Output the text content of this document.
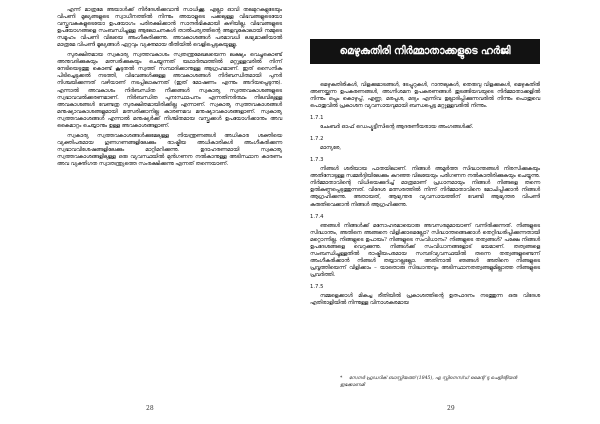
എന്ന് മാത്രമേ അയാൾക്ക് നിർദേശിക്കുവാൻ സാധിക്കൂ. എല്ലാ ഓവി തലമുറകളുടേയും വിപണി മൂല്യങ്ങളുടെ സ്വാധീനത്തിൽ നിന്നും അയാളുടെ പക്കലുള്ള വിഭവങ്ങളുടെയോ വസ്തുവകകളുടെയോ ഉപയോഗം പരിരക്ഷിക്കാൻ സാന്ദർഭികമായി കഴിയില്ല. വിഭവങ്ങളുടെ ഉപയോഗങ്ങളെ സംബന്ധിച്ചുള്ള ആലോചനകൾ താൽപര്യത്തിന്റെ അളവുകോലായി നമ്മുടെ സമൂഹം വിപണി വിലയെ അംഗീകരിക്കുന്നു. അവകാശങ്ങൾ പരമാവധി ലഭ്യമാക്കിയാൽ മാത്രമേ വിപണി മൂല്യങ്ങൾ ഏറ്റവും വ്യക്തമായ രീതിയിൽ വെളിപ്പെടുകയുള്ളൂ.

സുരക്ഷിതമായ സ്വകാര്യ സ്വത്തവകാശം സ്വതന്ത്രമേഖലയെന്ന ലക്ഷ്യം വെച്ചുകൊണ്ട് അനുവദിക്കുകയും മത്സരിക്കുകയും ചെയ്യുന്നത് യഥാർത്ഥത്തിൽ മറ്റുള്ളവരിൽ നിന്ന് നേടിയെടുത്തു കൊണ്ട് കൂടുതൽ സ്വത്ത് സമ്പാദിക്കാനുള്ള ആഗ്രഹമാണ്. ഇത് സൈനിക പിടിച്ചെടുക്കൽ നടത്തി, വിഭവങ്ങൾക്കുള്ള അവകാശങ്ങൾ നിർബന്ധിതമായി പുനർ നിശ്ചയിക്കുന്നത് വഴിയാണ് നടപ്പിലാകുന്നത് (ഇത് മോഷണം എന്നും അറിയപ്പെടുന്നു). എന്നാൽ അവകാശം നിർബന്ധിത നീക്കങ്ങൾ സ്വകാര്യ സ്വത്തവകാശങ്ങളുടെ സ്വഭാവവൽക്കരണമാണ്. നിർബന്ധിത പുനഃസ്ഥാപനം എന്നതിനർത്ഥം നിലവിലുള്ള അവകാശങ്ങൾ വേണ്ടത്ര സുരക്ഷിതമായിരിക്കില്ല എന്നാണ്. സ്വകാര്യ സ്വത്തവകാശങ്ങൾ മനുഷ്യാവകാശങ്ങളുമായി മത്സരിക്കാനില്ല കാരണമവ മനുഷ്യാവകാശങ്ങളാണ്. സ്വകാര്യ സ്വത്തവകാശങ്ങൾ എന്നാൽ മനുഷ്യർക്ക് നിശ്ചിതമായ വസ്തുക്കൾ ഉപയോഗിക്കാനും അവ കൈമാറ്റം ചെയ്യാനും ഉള്ള അവകാശങ്ങളാണ്.

സ്വകാര്യ സ്വത്തവകാശങ്ങൾക്കുമേലുള്ള നിയന്ത്രണങ്ങൾ അധികാര ശക്തിയെ വ്യക്തിപരമായ ഗുണഗണങ്ങളിലേക്കും രാഷ്ട്രീയ അധികാരികൾ അംഗീകരിക്കുന്ന സ്വഭാവവിശേഷങ്ങളിലേക്കും മാറ്റിമറിക്കുന്നു. ഉദാഹരണമായി സ്വകാര്യ സ്വത്തവകാശങ്ങളിലുള്ള ഒരു വ്യവസ്ഥയിൽ മുൻഗണന നൽകാനുള്ള അടിസ്ഥാന കാരണം അവ വ്യക്തിഗത സ്വാതന്ത്ര്യത്തെ സംരക്ഷിക്കുന്നു എന്നത് തന്നെയാണ്.

28
മെഴുകുതിരി നിർമ്മാതാക്കളുടെ ഹർജി

മെഴുകുതിരികൾ, വിളക്കുമാടങ്ങൾ, ടേപ്പുറുകൾ, റാന്തലുകൾ, തെരുവു വിളക്കുകൾ, മെഴുകുതിരി അണയ്ക്കുന്ന ഉപകരണങ്ങൾ, അഗ്നിശമന ഉപകരണങ്ങൾ തുടങ്ങിയവയുടെ നിർമ്മാതാക്കളിൽ നിന്നും ഒപ്പം കൊഴുപ്പ്, എണ്ണ, മരപ്പശ, മദ്യം എന്നിവ ഉല്പാദിപ്പിക്കുന്നവരിൽ നിന്നും പൊതുവെ പൊതുവിൽ പ്രകാശന വ്യവസായവുമായി ബന്ധപ്പെട്ട മറ്റുള്ളവരിൽ നിന്നും.

1.7.1
ചേംബർ ഓഫ് ഡെപ്യൂട്ടീസിന്റെ ആദരണീയരായ അംഗങ്ങൾക്ക്.
1.7.2
മാന്യരേ,
1.7.3

നിങ്ങൾ ശരിയായ പാതയിലാണ്. നിങ്ങൾ അമൂർത്ത സിദ്ധാന്തങ്ങൾ നിരസിക്കുകയും അതിനോടുള്ള സമ്മർദ്ദിയിലേക്കും കുറഞ്ഞ വിലയേയും പരിഗണന നൽകാതിരിക്കുകയും ചെയ്യുന്നു. നിർമ്മാതാവിന്റെ വിധിയെക്കുറിച്ച് മാത്രമാണ് പ്രധാനമായും നിങ്ങൾ നിങ്ങളെ തന്നെ ഉൽകണ്ഠപ്പെടുത്തുന്നത്. വിദേശ മത്സരത്തിൽ നിന്ന് നിർമ്മാതാവിനെ മോചിപ്പിക്കാൻ നിങ്ങൾ ആഗ്രഹിക്കുന്നു. അതായത്, ആഭ്യന്തര വ്യവസായത്തിന് വേണ്ടി ആഭ്യന്തര വിപണി കരുതിവെക്കാൻ നിങ്ങൾ ആഗ്രഹിക്കുന്നു.

1.7.4

ഞങ്ങൾ നിങ്ങൾക്ക് മനോഹരമായൊരു അവസരമുമായാണ് വന്നിരിക്കുന്നത്. നിങ്ങളുടെ സിദ്ധാന്തം, അതിനെ അങ്ങനെ വിളിക്കാമെല്ലോ? സിദ്ധാന്തങ്ങെക്കാൾ തെറ്റിദ്ധരിപ്പിക്കുന്നതായി മറ്റൊന്നില്ല. നിങ്ങളുടെ ഉപായം? നിങ്ങളുടെ സംവിധാനം? നിങ്ങളുടെ തത്വങ്ങൾ? പക്ഷേ നിങ്ങൾ ഉപദേശങ്ങളെ വെറുക്കുന്നു. നിങ്ങൾക്ക് സംവിധാനങ്ങളോട് ഭയമാണ്. തത്വങ്ങളെ സംബന്ധിച്ചുള്ളതിൽ രാഷ്ട്രീയപരമായ സമ്പദ്‌വ്യവസ്ഥയിൽ തന്നെ തത്വങ്ങളുണ്ടെന്ന് അംഗീകരിക്കാൻ നിങ്ങൾ തയ്യാറല്ലല്ലോ. അതിനാൽ ഞങ്ങൾ അതിനെ നിങ്ങളുടെ പ്രവൃത്തിയെന്ന് വിളിക്കാം – യാതൊരു സിദ്ധാന്തവും അടിസ്ഥാനതത്വങ്ങളുമില്ലാത്ത നിങ്ങളുടെ പ്രവർത്തി.

1.7.5

നമ്മളെക്കാൾ മികച്ച രീതിയിൽ പ്രകാശത്തിന്റെ ഉത്പാദനം നടത്തുന്ന ഒരു വിദേശ എതിരാളിയിൽ നിന്നുള്ള വിനാശകരമായ

* സേനർ ഫ്രഡറിക് ബാസ്റ്റിയത്ത് (1845), എ സ്റ്റിനെസ്ഡ് മൈന്റ് ടു ചെളിന്റിയൻ ഇക്കോണമി
29
